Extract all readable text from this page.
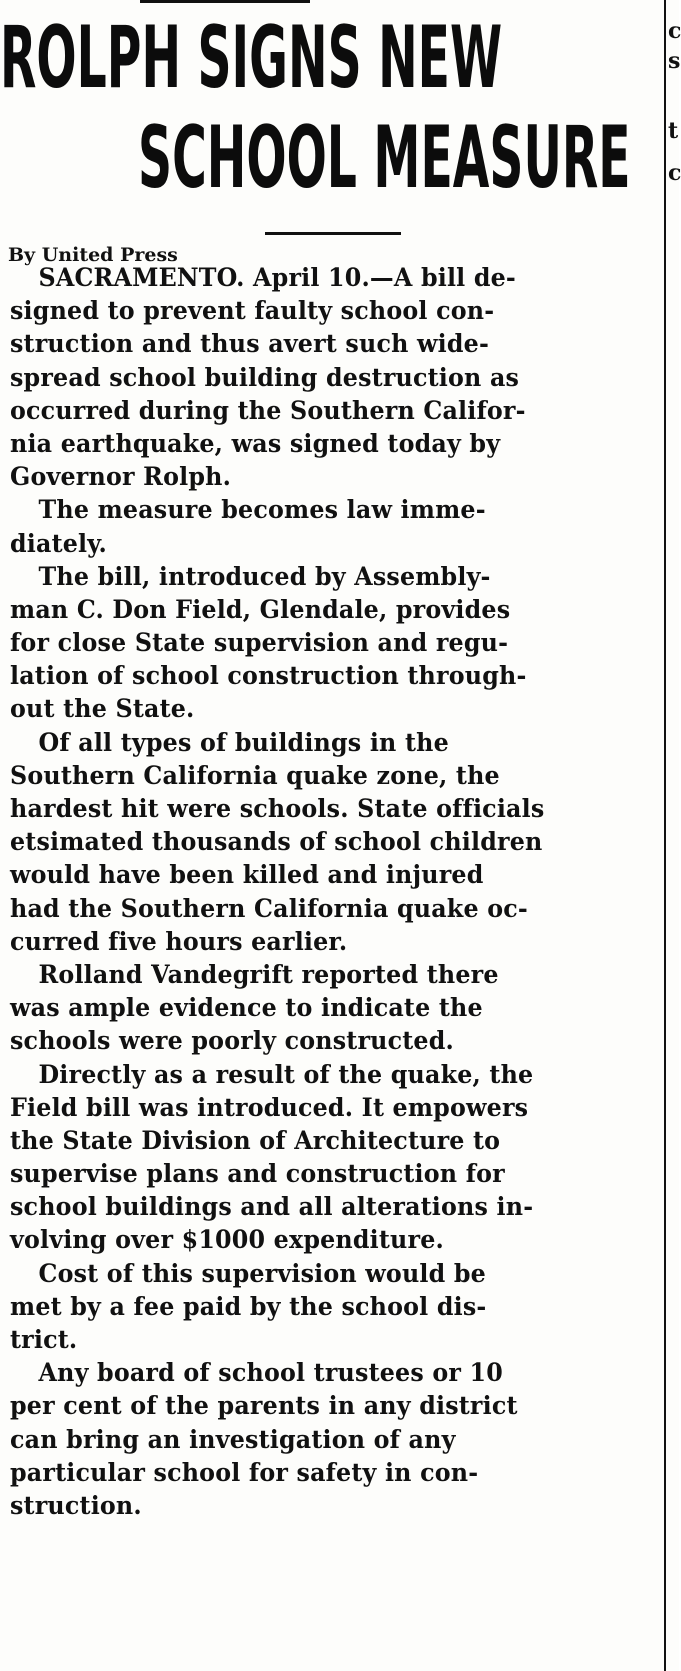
c
s
t
c
ROLPH SIGNS NEW
SCHOOL MEASURE

By United Press

SACRAMENTO. April 10.—A bill de-
signed to prevent faulty school con-
struction and thus avert such wide-
spread school building destruction as
occurred during the Southern Califor-
nia earthquake, was signed today by
Governor Rolph.
The measure becomes law imme-
diately.
The bill, introduced by Assembly-
man C. Don Field, Glendale, provides
for close State supervision and regu-
lation of school construction through-
out the State.
Of all types of buildings in the
Southern California quake zone, the
hardest hit were schools. State officials
etsimated thousands of school children
would have been killed and injured
had the Southern California quake oc-
curred five hours earlier.
Rolland Vandegrift reported there
was ample evidence to indicate the
schools were poorly constructed.
Directly as a result of the quake, the
Field bill was introduced. It empowers
the State Division of Architecture to
supervise plans and construction for
school buildings and all alterations in-
volving over $1000 expenditure.
Cost of this supervision would be
met by a fee paid by the school dis-
trict.
Any board of school trustees or 10
per cent of the parents in any district
can bring an investigation of any
particular school for safety in con-
struction.
